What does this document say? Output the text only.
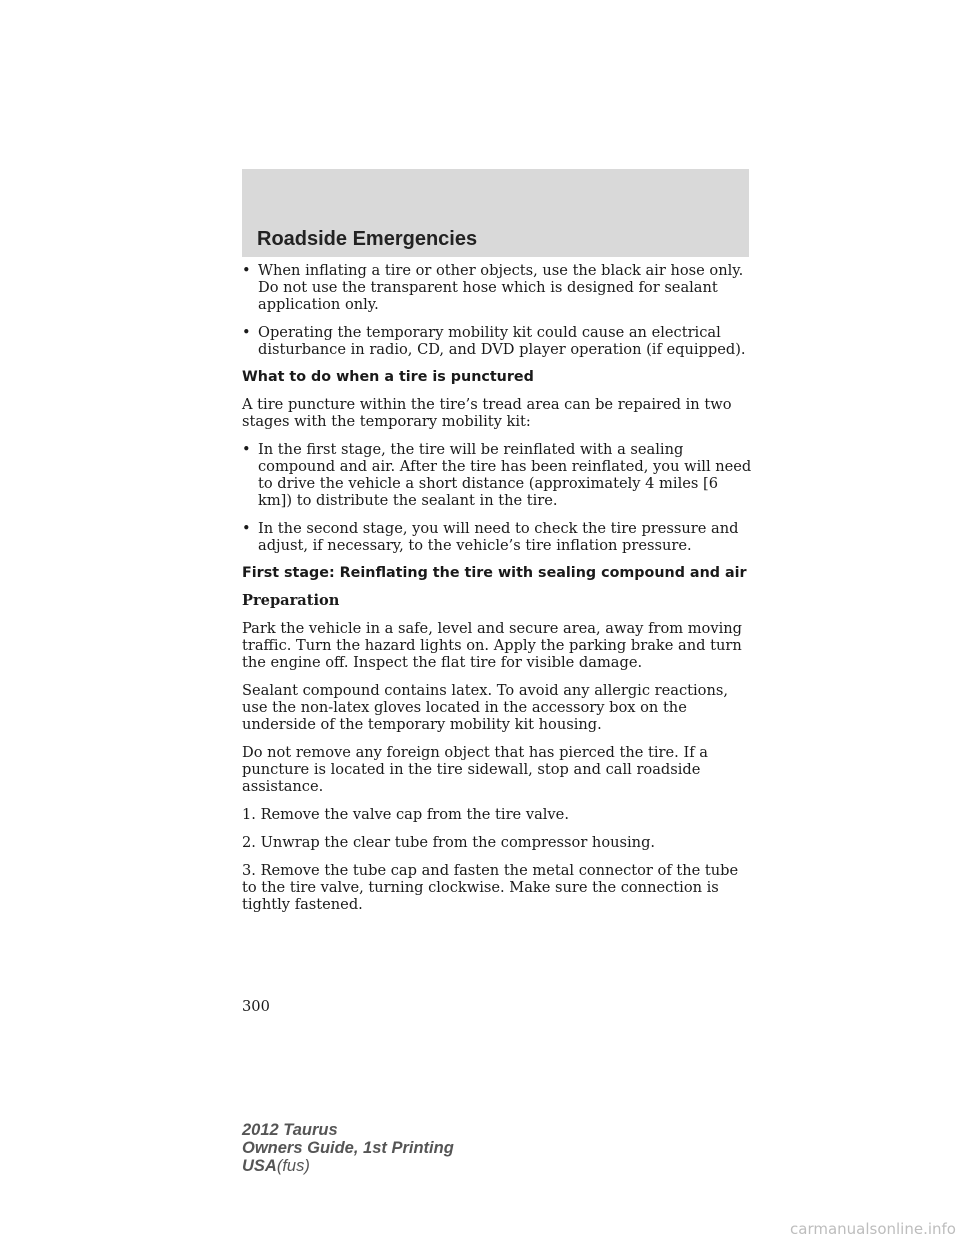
Roadside Emergencies
• When inflating a tire or other objects, use the black air hose only. Do not use the transparent hose which is designed for sealant application only.
• Operating the temporary mobility kit could cause an electrical disturbance in radio, CD, and DVD player operation (if equipped).

What to do when a tire is punctured

A tire puncture within the tire’s tread area can be repaired in two stages with the temporary mobility kit:

• In the first stage, the tire will be reinflated with a sealing compound and air. After the tire has been reinflated, you will need to drive the vehicle a short distance (approximately 4 miles [6 km]) to distribute the sealant in the tire.
• In the second stage, you will need to check the tire pressure and adjust, if necessary, to the vehicle’s tire inflation pressure.

First stage: Reinflating the tire with sealing compound and air

Preparation

Park the vehicle in a safe, level and secure area, away from moving traffic. Turn the hazard lights on. Apply the parking brake and turn the engine off. Inspect the flat tire for visible damage.

Sealant compound contains latex. To avoid any allergic reactions, use the non-latex gloves located in the accessory box on the underside of the temporary mobility kit housing.

Do not remove any foreign object that has pierced the tire. If a puncture is located in the tire sidewall, stop and call roadside assistance.

1. Remove the valve cap from the tire valve.

2. Unwrap the clear tube from the compressor housing.

3. Remove the tube cap and fasten the metal connector of the tube to the tire valve, turning clockwise. Make sure the connection is tightly fastened.

300
2012 Taurus
Owners Guide, 1st Printing
USA(fus)
carmanualsonline.info
